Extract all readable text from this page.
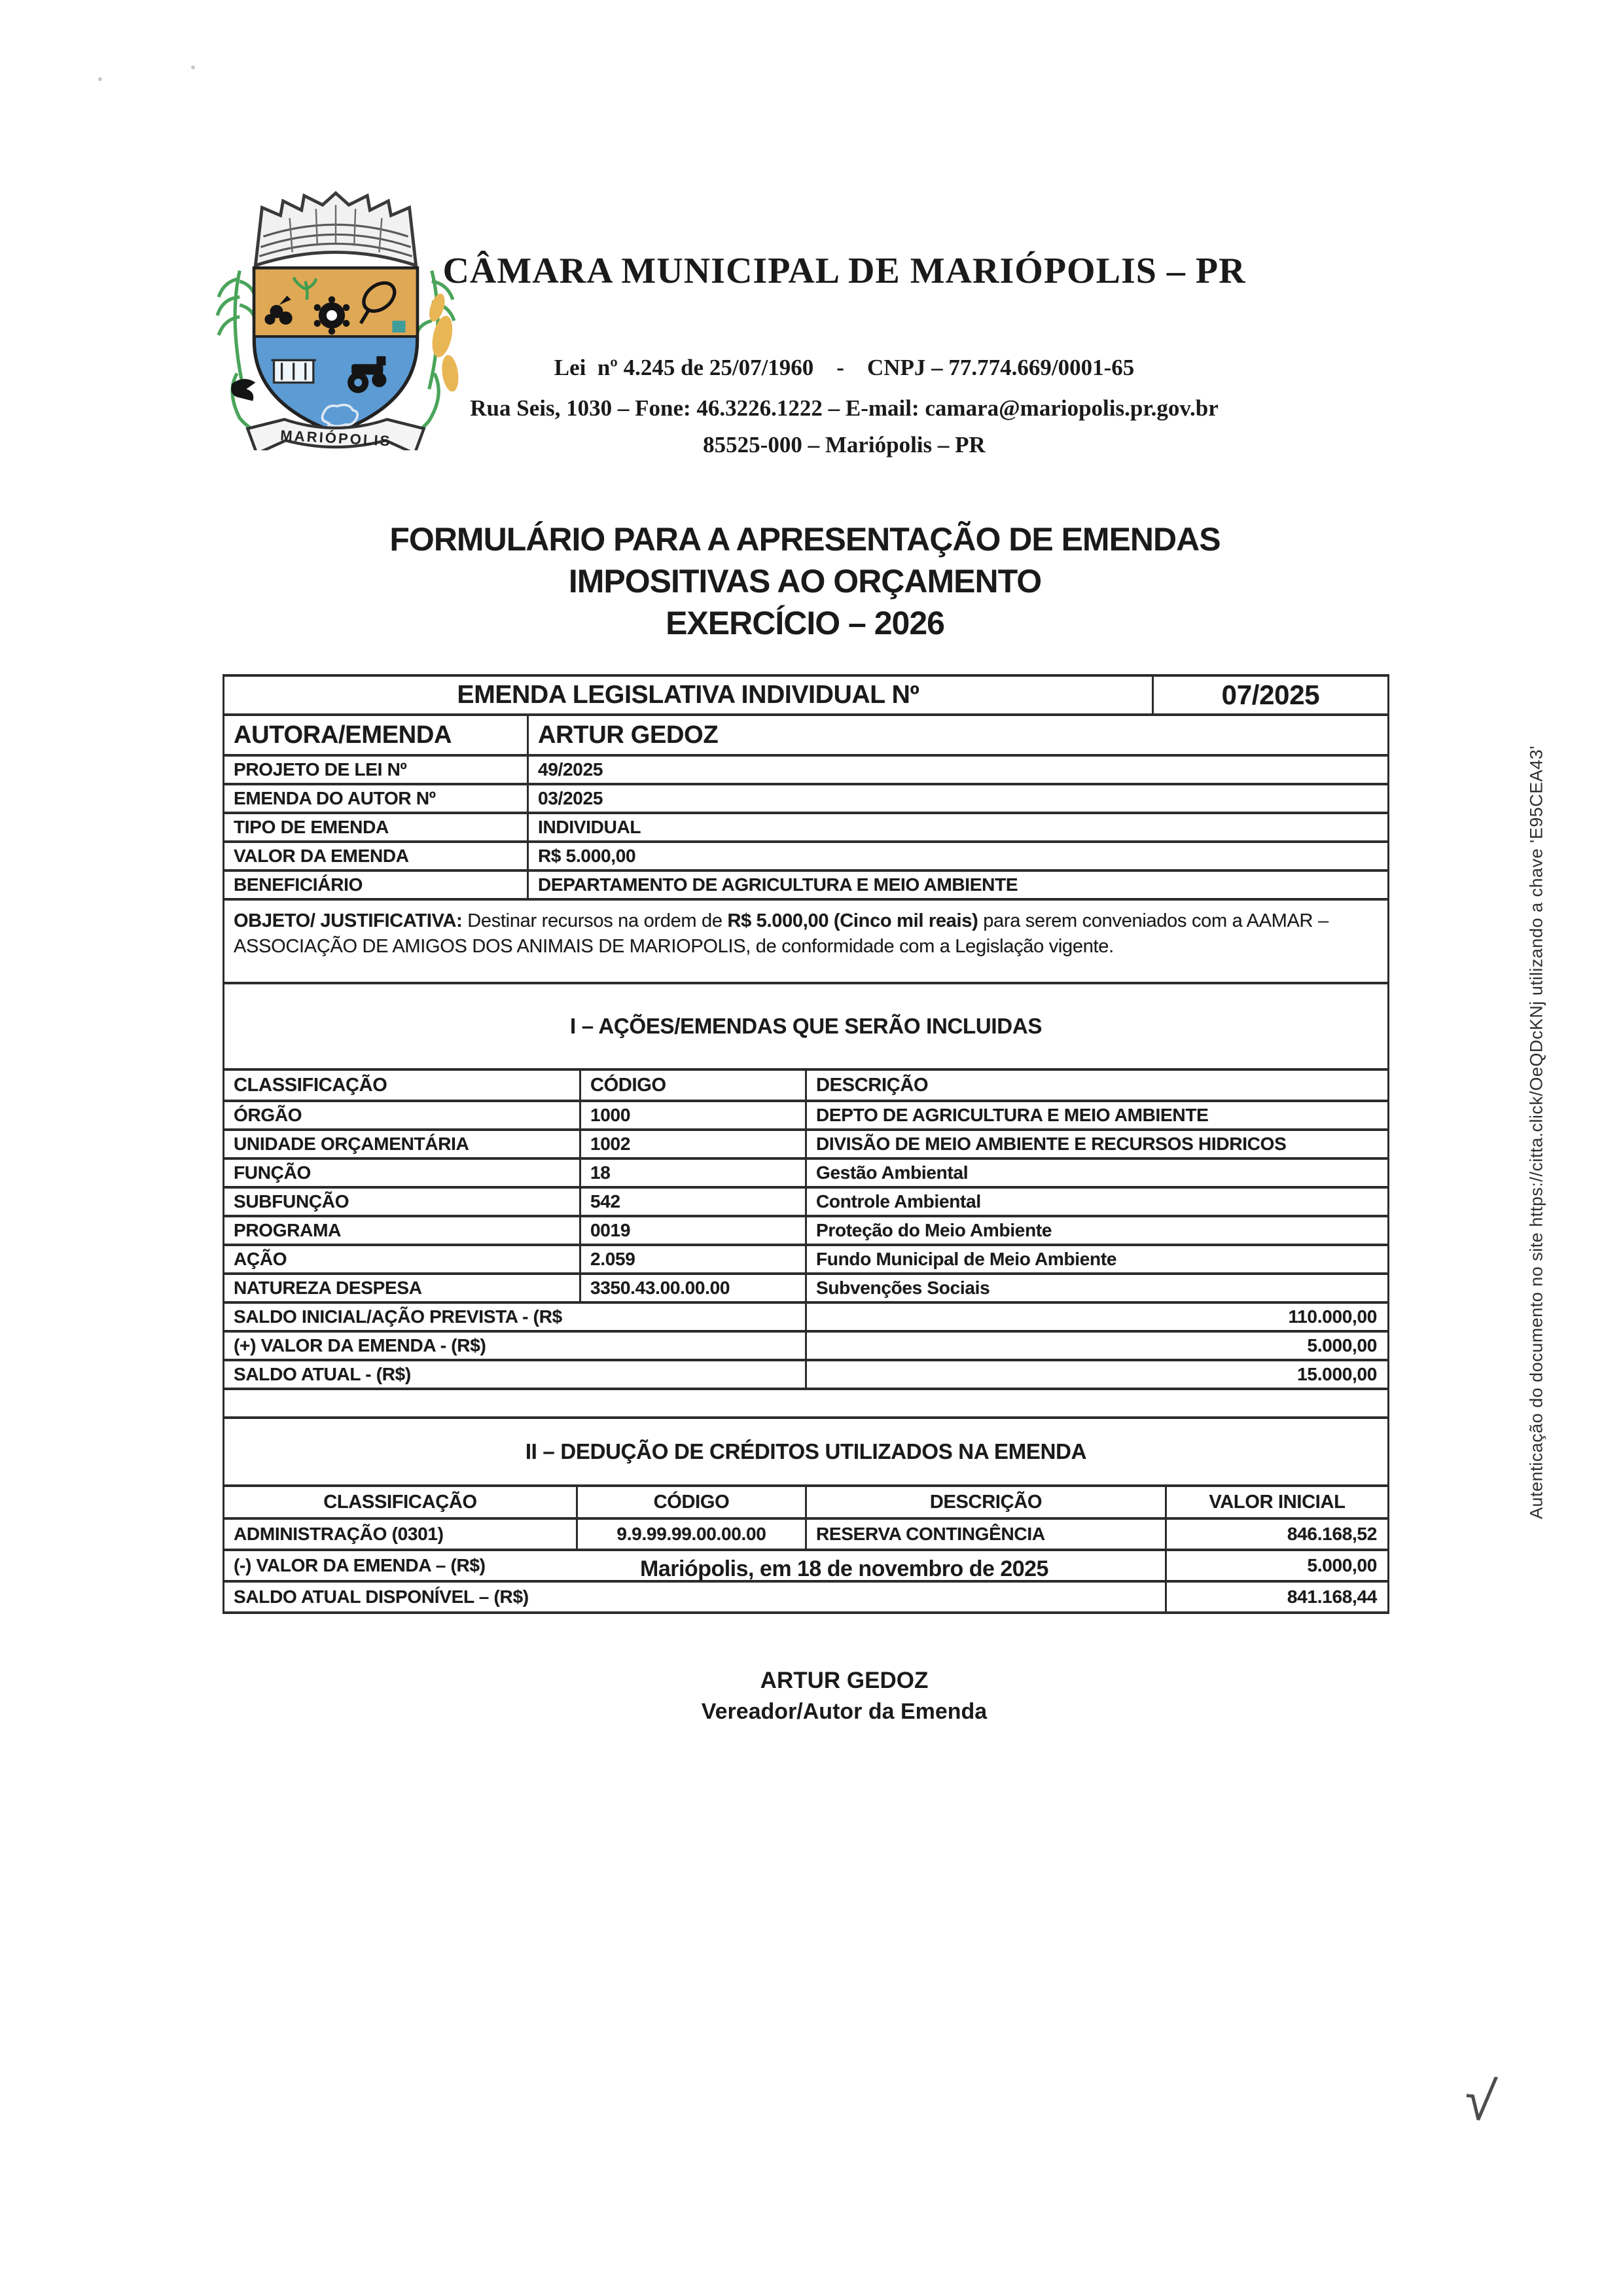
MARIÓPOLIS
CÂMARA MUNICIPAL DE MARIÓPOLIS – PR
Lei  nº 4.245 de 25/07/1960    -    CNPJ – 77.774.669/0001-65
Rua Seis, 1030 – Fone: 46.3226.1222 – E-mail: camara@mariopolis.pr.gov.br
85525-000 – Mariópolis – PR
FORMULÁRIO PARA A APRESENTAÇÃO DE EMENDAS
IMPOSITIVAS AO ORÇAMENTO
EXERCÍCIO – 2026
EMENDA LEGISLATIVA INDIVIDUAL Nº		07/2025
AUTORA/EMENDA	ARTUR GEDOZ	
PROJETO DE LEI Nº	49/2025	
EMENDA DO AUTOR Nº	03/2025	
TIPO DE EMENDA	INDIVIDUAL	
VALOR DA EMENDA	R$ 5.000,00	
BENEFICIÁRIO	DEPARTAMENTO DE AGRICULTURA E MEIO AMBIENTE	
OBJETO/ JUSTIFICATIVA: Destinar recursos na ordem de R$ 5.000,00 (Cinco mil reais) para serem conveniados com a AAMAR – ASSOCIAÇÃO DE AMIGOS DOS ANIMAIS DE MARIOPOLIS, de conformidade com a Legislação vigente.		
I – AÇÕES/EMENDAS QUE SERÃO INCLUIDAS		
CLASSIFICAÇÃO	CÓDIGO	DESCRIÇÃO
ÓRGÃO	1000	DEPTO DE AGRICULTURA E MEIO AMBIENTE
UNIDADE ORÇAMENTÁRIA	1002	DIVISÃO DE MEIO AMBIENTE E RECURSOS HIDRICOS
FUNÇÃO	18	Gestão Ambiental
SUBFUNÇÃO	542	Controle Ambiental
PROGRAMA	0019	Proteção do Meio Ambiente
AÇÃO	2.059	Fundo Municipal de Meio Ambiente
NATUREZA DESPESA	3350.43.00.00.00	Subvenções Sociais
SALDO INICIAL/AÇÃO PREVISTA - (R$		110.000,00
(+) VALOR DA EMENDA - (R$)		5.000,00
SALDO ATUAL - (R$)		15.000,00

II – DEDUÇÃO DE CRÉDITOS UTILIZADOS NA EMENDA			
CLASSIFICAÇÃO	CÓDIGO	DESCRIÇÃO	VALOR INICIAL
ADMINISTRAÇÃO (0301)	9.9.99.99.00.00.00	RESERVA CONTINGÊNCIA	846.168,52
(-) VALOR DA EMENDA – (R$)			5.000,00
SALDO ATUAL DISPONÍVEL – (R$)			841.168,44
Mariópolis, em 18 de novembro de 2025
ARTUR GEDOZ
Vereador/Autor da Emenda
Autenticação do documento no site https://citta.click/OeQDcKNj utilizando a chave 'E95CEA43'
√
